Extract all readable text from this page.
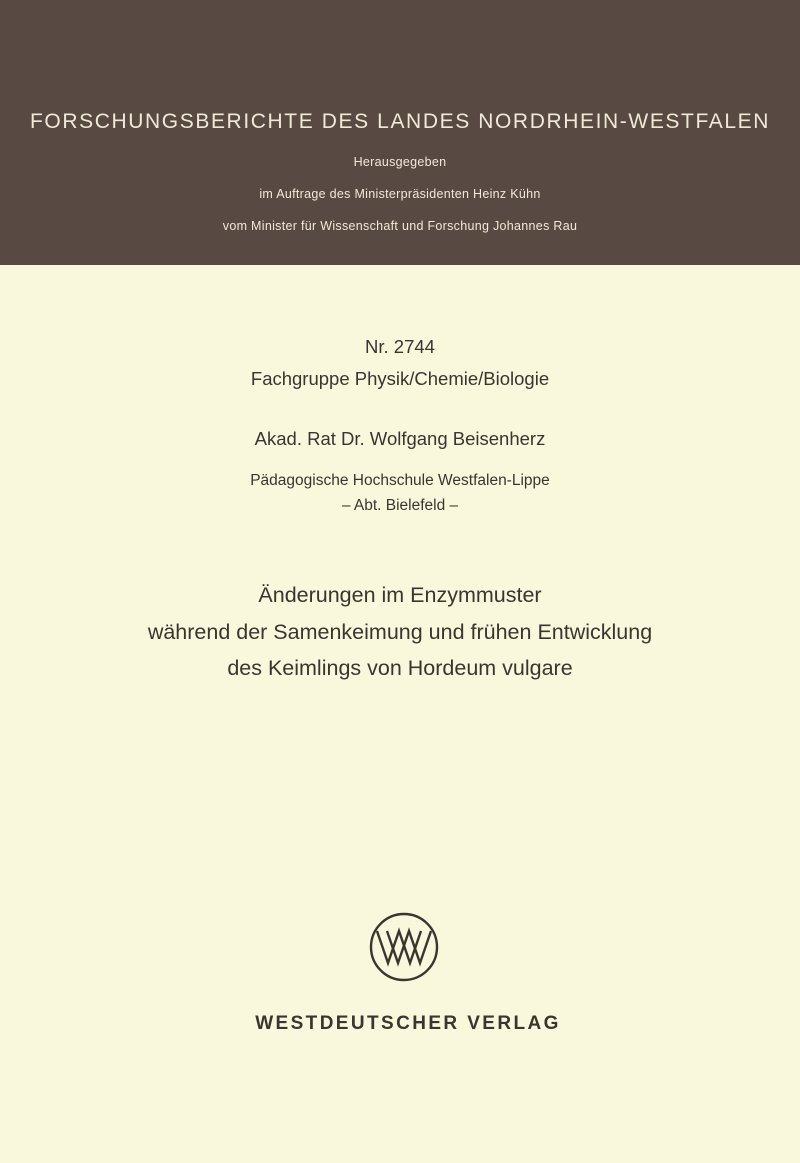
FORSCHUNGSBERICHTE DES LANDES NORDRHEIN-WESTFALEN
Herausgegeben
im Auftrage des Ministerpräsidenten Heinz Kühn
vom Minister für Wissenschaft und Forschung Johannes Rau
Nr. 2744
Fachgruppe Physik/Chemie/Biologie
Akad. Rat Dr. Wolfgang Beisenherz
Pädagogische Hochschule Westfalen-Lippe
– Abt. Bielefeld –
Änderungen im Enzymmuster
während der Samenkeimung und frühen Entwicklung
des Keimlings von Hordeum vulgare
WESTDEUTSCHER VERLAG
